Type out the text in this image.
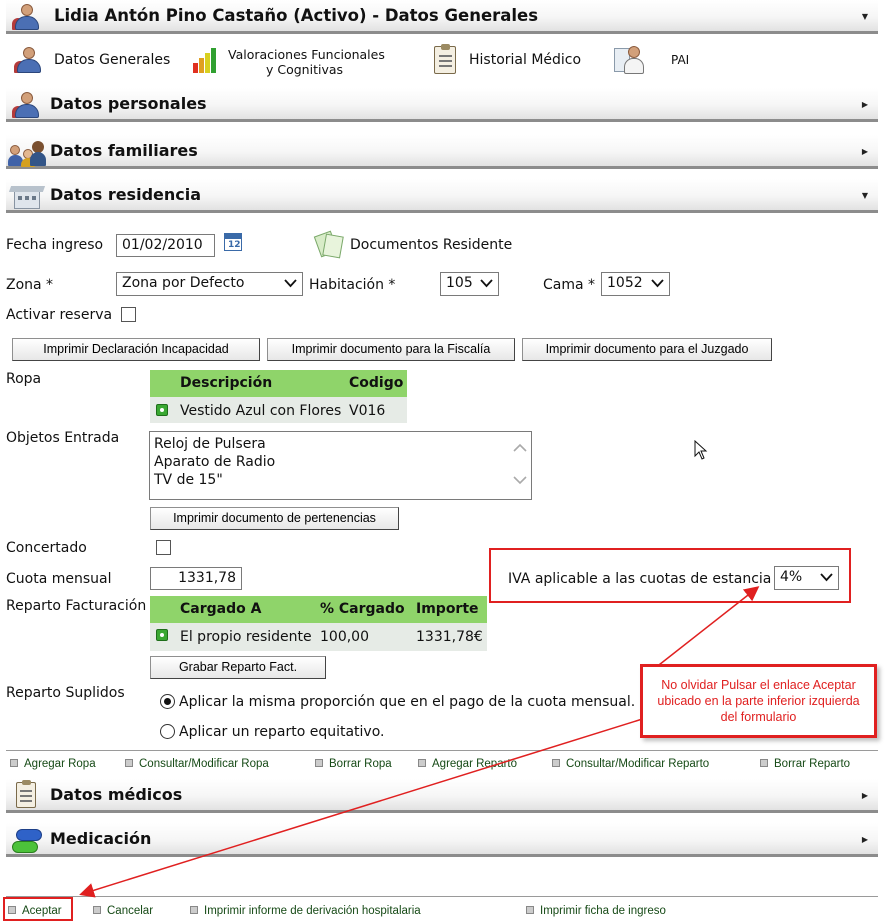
Lidia Antón Pino Castaño (Activo) - Datos Generales	▼
Datos Generales	Valoraciones Funcionales
y Cognitivas
Historial Médico	PAI
Datos personales	▶
Datos familiares	▶
Datos residencia	▼
Fecha ingreso	01/02/2010	12	Documentos Residente
Zona *	Zona por Defecto	Habitación *	105	Cama * 1052
Activar reserva
Imprimir Declaración Incapacidad	Imprimir documento para la Fiscalía	Imprimir documento para el Juzgado
Ropa	Descripción	Codigo
Vestido Azul con Flores V016
Objetos Entrada	Reloj de Pulsera
Aparato de Radio
TV de 15"
Imprimir documento de pertenencias
Concertado
Cuota mensual	1331,78	IVA aplicable a las cuotas de estancia 4%
Reparto Facturación Cargado A	% Cargado Importe
El propio residente 100,00	1331,78€
Grabar Reparto Fact.
Reparto Suplidos
Aplicar la misma proporción que en el pago de la cuota mensual.
Aplicar un reparto equitativo.
Agregar Ropa	Consultar/Modificar Ropa	Borrar Ropa	Agregar Reparto	Consultar/Modificar Reparto	Borrar Reparto
Datos médicos	▶
Medicación	▶
Aceptar	Cancelar	Imprimir informe de derivación hospitalaria	Imprimir ficha de ingreso
No olvidar Pulsar el enlace Aceptar ubicado en la parte inferior izquierda del formulario
